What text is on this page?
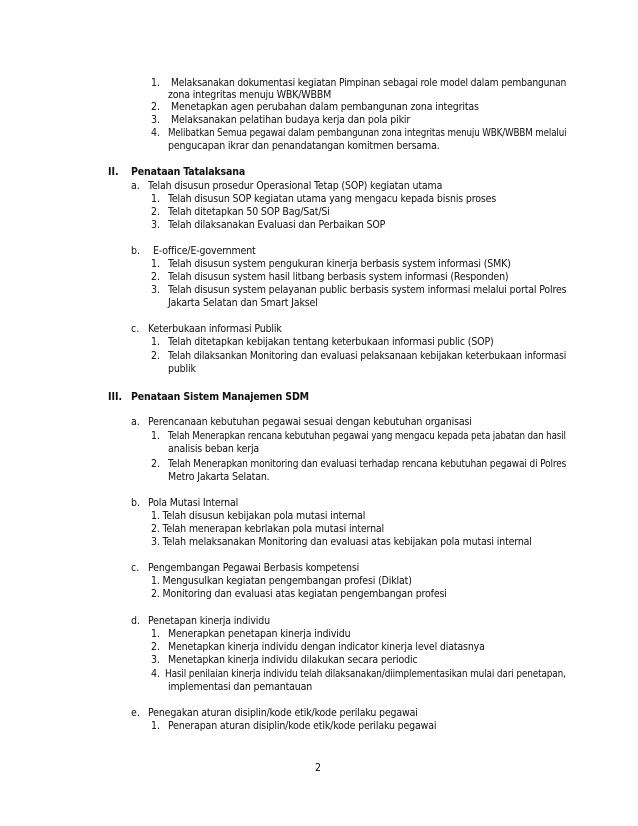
1. Melaksanakan dokumentasi kegiatan Pimpinan sebagai role model dalam pembangunan
zona integritas menuju WBK/WBBM
2. Menetapkan agen perubahan dalam pembangunan zona integritas
3. Melaksanakan pelatihan budaya kerja dan pola pikir
4. Melibatkan Semua pegawai dalam pembangunan zona integritas menuju WBK/WBBM melalui
pengucapan ikrar dan penandatangan komitmen bersama.
II. Penataan Tatalaksana
a. Telah disusun prosedur Operasional Tetap (SOP) kegiatan utama
1. Telah disusun SOP kegiatan utama yang mengacu kepada bisnis proses
2. Telah ditetapkan 50 SOP Bag/Sat/Si
3. Telah dilaksanakan Evaluasi dan Perbaikan SOP
b. E-office/E-government
1. Telah disusun system pengukuran kinerja berbasis system informasi (SMK)
2. Telah disusun system hasil litbang berbasis system informasi (Responden)
3. Telah disusun system pelayanan public berbasis system informasi melalui portal Polres
Jakarta Selatan dan Smart Jaksel
c. Keterbukaan informasi Publik
1. Telah ditetapkan kebijakan tentang keterbukaan informasi public (SOP)
2. Telah dilaksankan Monitoring dan evaluasi pelaksanaan kebijakan keterbukaan informasi
publik
III. Penataan Sistem Manajemen SDM
a. Perencanaan kebutuhan pegawai sesuai dengan kebutuhan organisasi
1. Telah Menerapkan rencana kebutuhan pegawai yang mengacu kepada peta jabatan dan hasil
analisis beban kerja
2. Telah Menerapkan monitoring dan evaluasi terhadap rencana kebutuhan pegawai di Polres
Metro Jakarta Selatan.
b. Pola Mutasi Internal
1. Telah disusun kebijakan pola mutasi internal
2. Telah menerapan kebrlakan pola mutasi internal
3. Telah melaksanakan Monitoring dan evaluasi atas kebijakan pola mutasi internal
c. Pengembangan Pegawai Berbasis kompetensi
1. Mengusulkan kegiatan pengembangan profesi (Diklat)
2. Monitoring dan evaluasi atas kegiatan pengembangan profesi
d. Penetapan kinerja individu
1. Menerapkan penetapan kinerja individu
2. Menetapkan kinerja individu dengan indicator kinerja level diatasnya
3. Menetapkan kinerja individu dilakukan secara periodic
4. Hasil penilaian kinerja individu telah dilaksanakan/diimplementasikan mulai dari penetapan,
implementasi dan pemantauan
e. Penegakan aturan disiplin/kode etik/kode perilaku pegawai
1. Penerapan aturan disiplin/kode etik/kode perilaku pegawai
2
